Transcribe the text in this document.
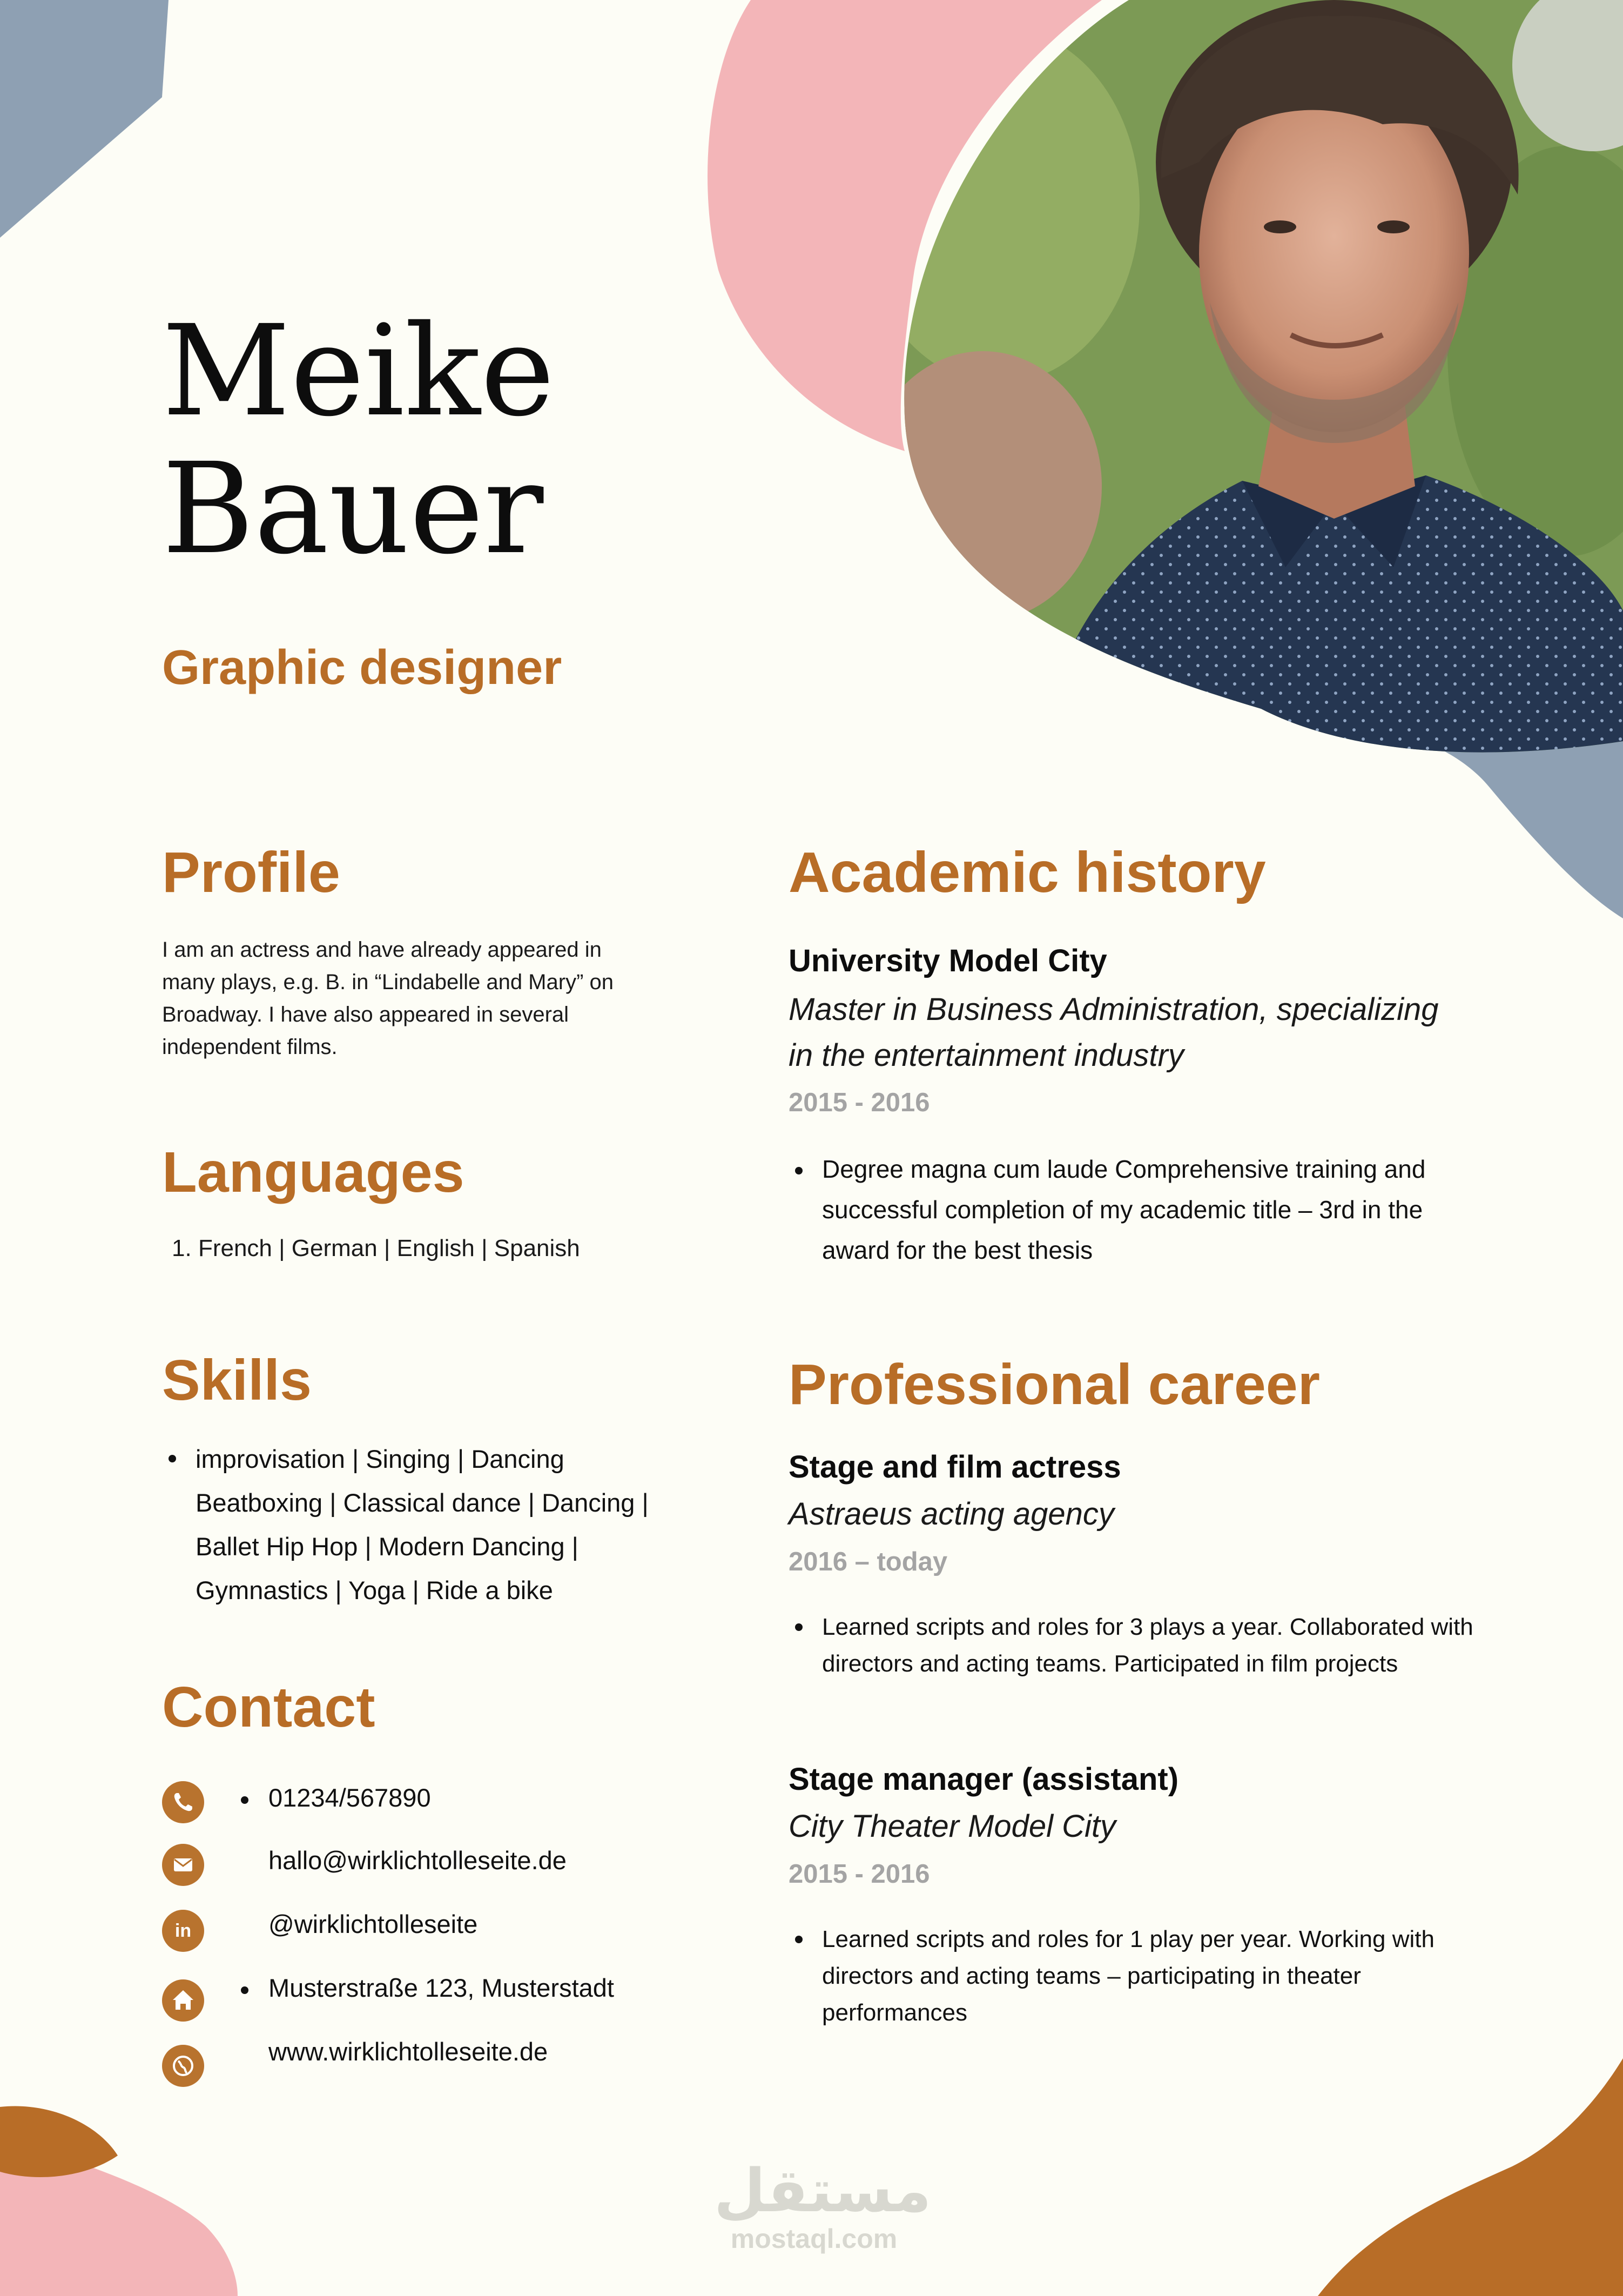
Meike
Bauer
Graphic designer
Profile
I am an actress and have already appeared in many plays, e.g. B. in “Lindabelle and Mary” on Broadway. I have also appeared in several independent films.
Languages
1. French | German | English | Spanish
Skills
improvisation | Singing | Dancing Beatboxing | Classical dance | Dancing | Ballet Hip Hop | Modern Dancing | Gymnastics | Yoga | Ride a bike
Contact
01234/567890
hallo@wirklichtolleseite.de
in	@wirklichtolleseite
Musterstraße 123, Musterstadt
www.wirklichtolleseite.de
Academic history
University Model City
Master in Business Administration, specializing in the entertainment industry
2015 - 2016
Degree magna cum laude Comprehensive training and successful completion of my academic title – 3rd in the award for the best thesis
Professional career
Stage and film actress
Astraeus acting agency
2016 – today
Learned scripts and roles for 3 plays a year. Collaborated with directors and acting teams. Participated in film projects
Stage manager (assistant)
City Theater Model City
2015 - 2016
Learned scripts and roles for 1 play per year. Working with directors and acting teams – participating in theater performances
مستقل
mostaql.com
